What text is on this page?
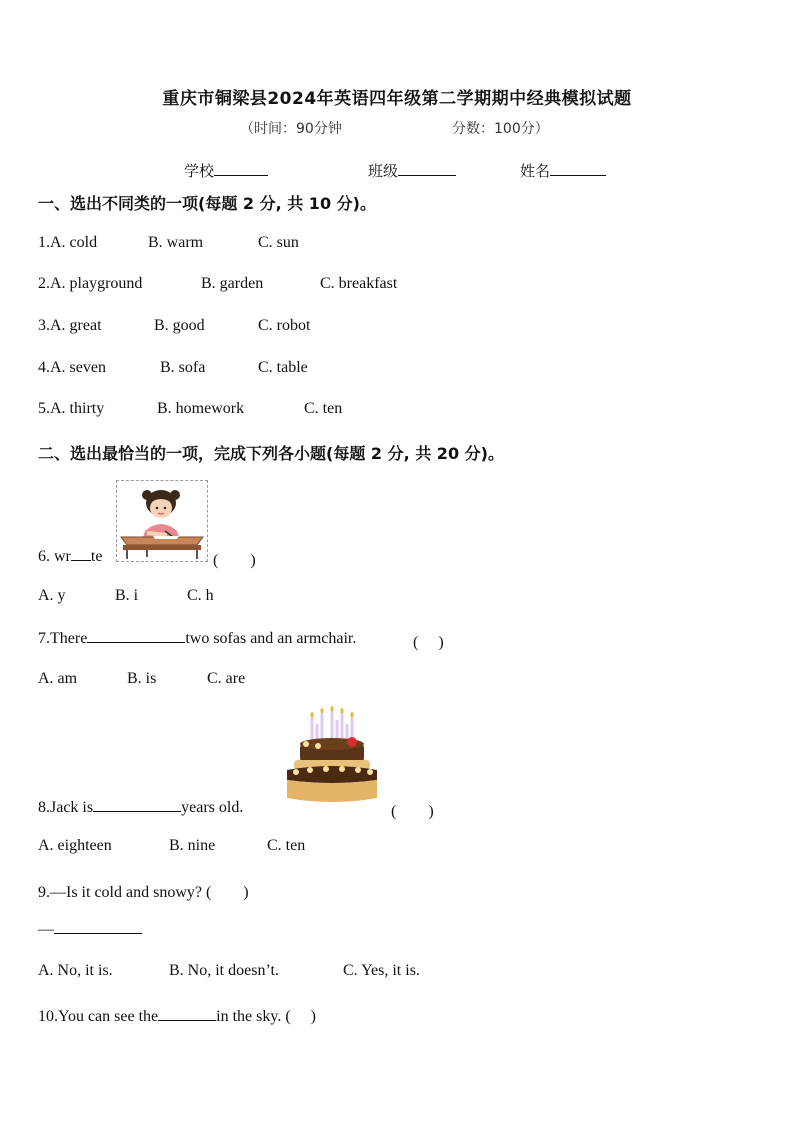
重庆市铜梁县2024年英语四年级第二学期期中经典模拟试题
（时间：90分钟	分数：100分）
学校	班级	姓名
一、选出不同类的一项(每题 2 分, 共 10 分)。
1.A. cold	B. warm	C. sun
2.A. playground	B. garden	C. breakfast
3.A. great	B. good	C. robot
4.A. seven	B. sofa	C. table
5.A. thirty	B. homework	C. ten
二、选出最恰当的一项，完成下列各小题(每题 2 分, 共 20 分)。
6. wr te	(　　)
A. y	B. i	C. h
7.There	two sofas and an armchair.	(　 )
A. am	B. is	C. are
8.Jack is	years old.	(　　)
A. eighteen	B. nine	C. ten
9.—Is it cold and snowy? (　　)
—
A. No, it is.	B. No, it doesn’t.	C. Yes, it is.
10.You can see the	in the sky. (　 )
